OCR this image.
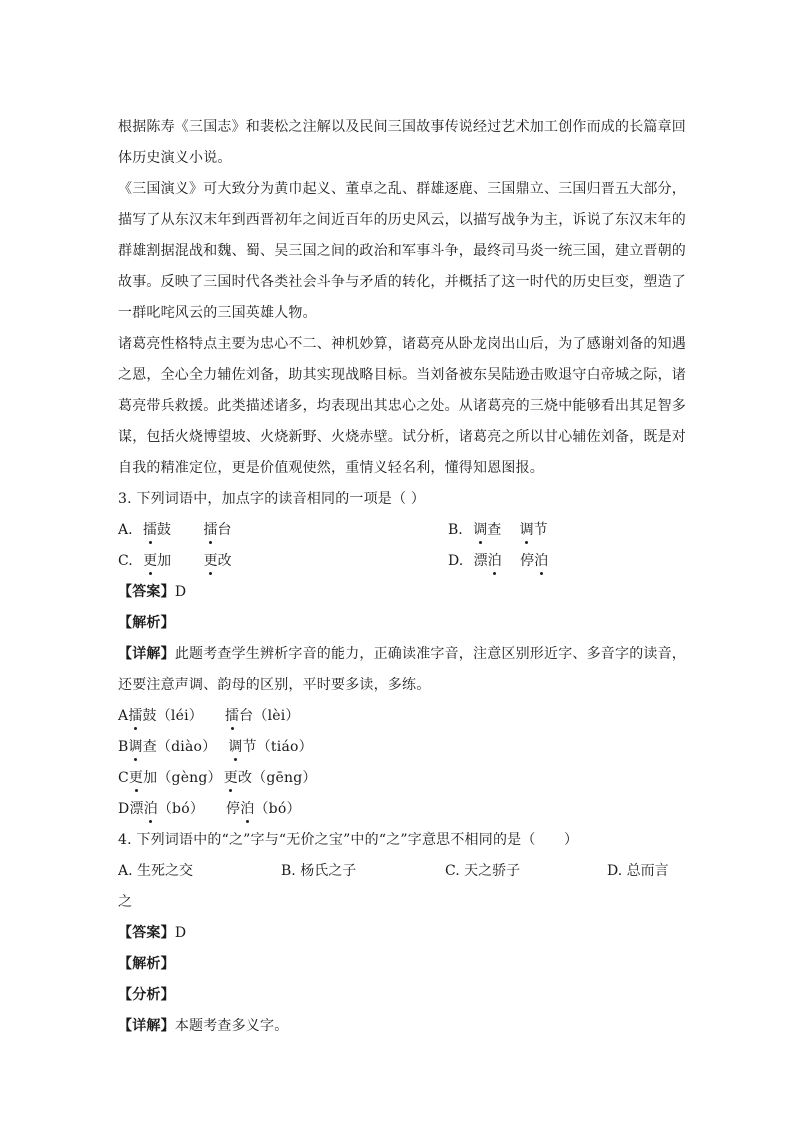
根据陈寿《三国志》和裴松之注解以及民间三国故事传说经过艺术加工创作而成的长篇章回
体历史演义小说。
《三国演义》可大致分为黄巾起义、董卓之乱、群雄逐鹿、三国鼎立、三国归晋五大部分，
描写了从东汉末年到西晋初年之间近百年的历史风云，以描写战争为主，诉说了东汉末年的
群雄割据混战和魏、蜀、吴三国之间的政治和军事斗争，最终司马炎一统三国，建立晋朝的
故事。反映了三国时代各类社会斗争与矛盾的转化，并概括了这一时代的历史巨变，塑造了
一群叱咤风云的三国英雄人物。
诸葛亮性格特点主要为忠心不二、神机妙算，诸葛亮从卧龙岗出山后，为了感谢刘备的知遇
之恩，全心全力辅佐刘备，助其实现战略目标。当刘备被东吴陆逊击败退守白帝城之际，诸
葛亮带兵救援。此类描述诸多，均表现出其忠心之处。从诸葛亮的三烧中能够看出其足智多
谋，包括火烧博望坡、火烧新野、火烧赤壁。试分析，诸葛亮之所以甘心辅佐刘备，既是对
自我的精准定位，更是价值观使然，重情义轻名利，懂得知恩图报。
3. 下列词语中，加点字的读音相同的一项是（ ）
A. 擂鼓 擂台	B. 调查 调节
C. 更加 更改	D. 漂泊 停泊
【答案】D
【解析】
【详解】此题考查学生辨析字音的能力，正确读准字音，注意区别形近字、多音字的读音，
还要注意声调、韵母的区别，平时要多读，多练。
A擂鼓（léi） 擂台（lèi）
B调查（diào） 调节（tiáo）
C更加（gèng） 更改（gēng）
D漂泊（bó） 停泊（bó）
4. 下列词语中的“之”字与“无价之宝”中的“之”字意思不相同的是（　　）
A. 生死之交	B. 杨氏之子	C. 天之骄子	D. 总而言
之
【答案】D
【解析】
【分析】
【详解】本题考查多义字。
